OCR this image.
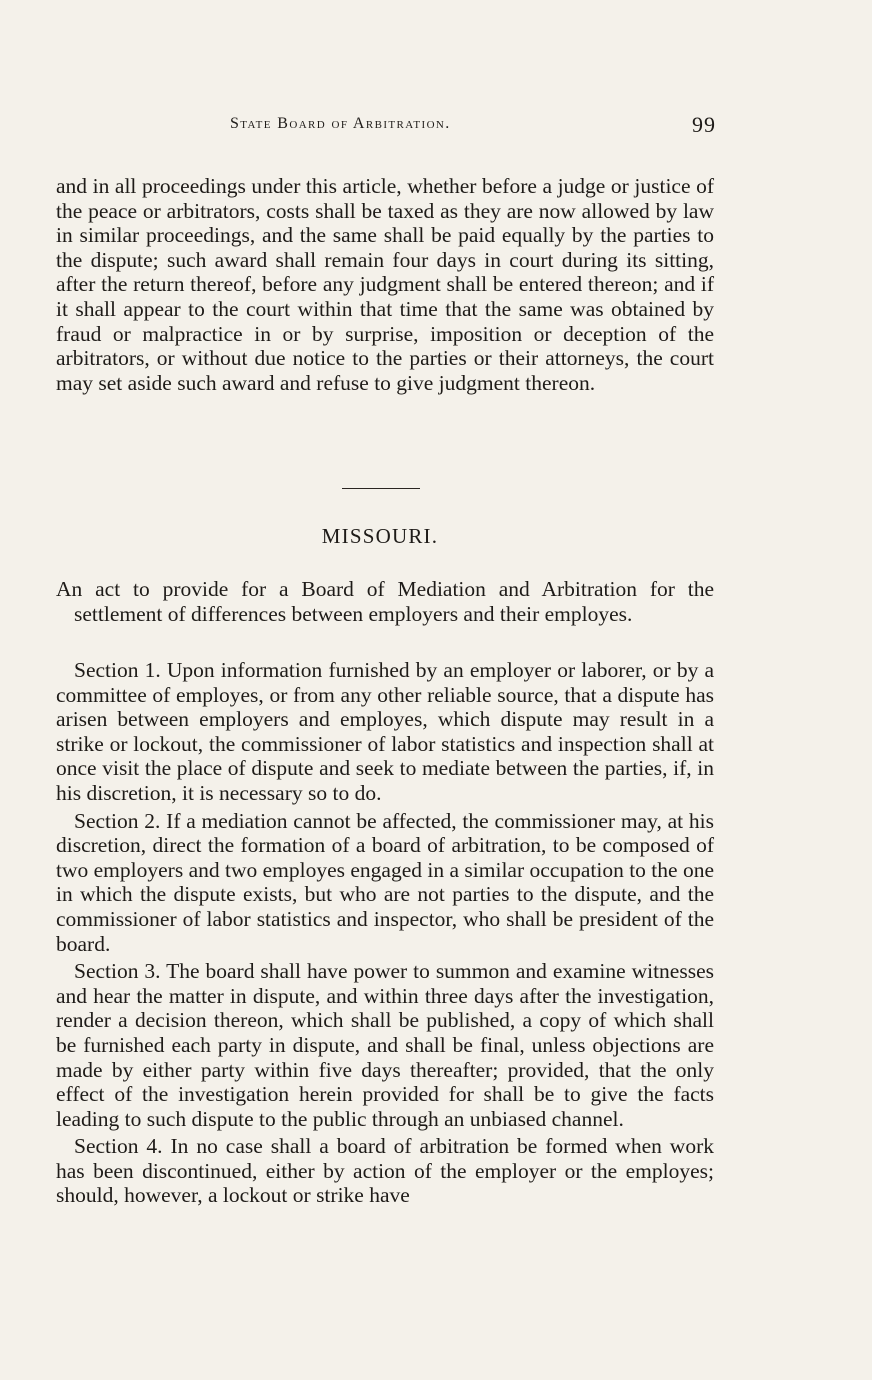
State Board of Arbitration.	99

and in all proceedings under this article, whether before a judge or justice of the peace or arbitrators, costs shall be taxed as they are now allowed by law in similar proceedings, and the same shall be paid equally by the parties to the dispute; such award shall remain four days in court during its sitting, after the return thereof, before any judgment shall be entered thereon; and if it shall appear to the court within that time that the same was obtained by fraud or malpractice in or by surprise, imposition or deception of the arbitrators, or without due notice to the parties or their attorneys, the court may set aside such award and refuse to give judgment thereon.

MISSOURI.

An act to provide for a Board of Mediation and Arbitration for the settlement of differences between employers and their employes.

Section 1. Upon information furnished by an employer or laborer, or by a committee of employes, or from any other reliable source, that a dispute has arisen between employers and employes, which dispute may result in a strike or lockout, the commissioner of labor statistics and inspection shall at once visit the place of dispute and seek to mediate between the parties, if, in his discretion, it is necessary so to do.

Section 2. If a mediation cannot be affected, the commissioner may, at his discretion, direct the formation of a board of arbitration, to be composed of two employers and two employes engaged in a similar occupation to the one in which the dispute exists, but who are not parties to the dispute, and the commissioner of labor statistics and inspector, who shall be president of the board.

Section 3. The board shall have power to summon and examine witnesses and hear the matter in dispute, and within three days after the investigation, render a decision thereon, which shall be published, a copy of which shall be furnished each party in dispute, and shall be final, unless objections are made by either party within five days thereafter; provided, that the only effect of the investigation herein provided for shall be to give the facts leading to such dispute to the public through an unbiased channel.

Section 4. In no case shall a board of arbitration be formed when work has been discontinued, either by action of the employer or the employes; should, however, a lockout or strike have
